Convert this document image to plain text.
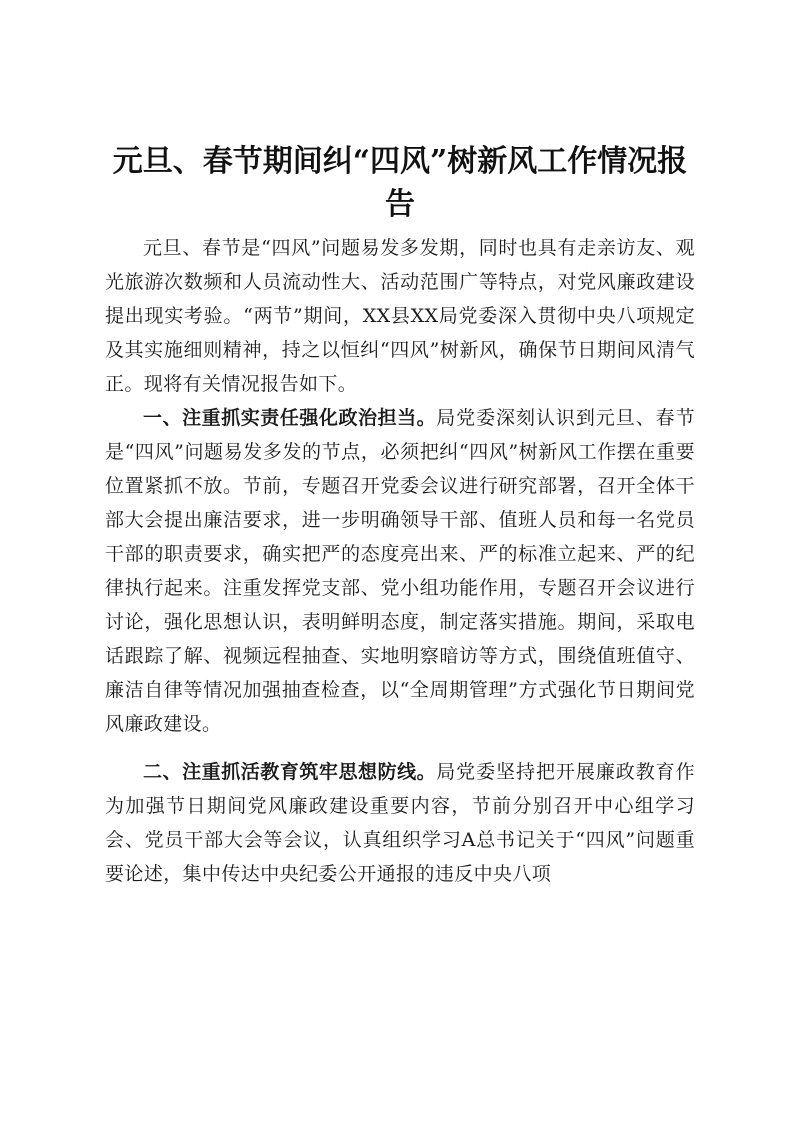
元旦、春节期间纠“四风”树新风工作情况报告

元旦、春节是“四风”问题易发多发期，同时也具有走亲访友、观光旅游次数频和人员流动性大、活动范围广等特点，对党风廉政建设提出现实考验。“两节”期间，XX县XX局党委深入贯彻中央八项规定及其实施细则精神，持之以恒纠“四风”树新风，确保节日期间风清气正。现将有关情况报告如下。

一、注重抓实责任强化政治担当。局党委深刻认识到元旦、春节是“四风”问题易发多发的节点，必须把纠“四风”树新风工作摆在重要位置紧抓不放。节前，专题召开党委会议进行研究部署，召开全体干部大会提出廉洁要求，进一步明确领导干部、值班人员和每一名党员干部的职责要求，确实把严的态度亮出来、严的标准立起来、严的纪律执行起来。注重发挥党支部、党小组功能作用，专题召开会议进行讨论，强化思想认识，表明鲜明态度，制定落实措施。期间，采取电话跟踪了解、视频远程抽查、实地明察暗访等方式，围绕值班值守、廉洁自律等情况加强抽查检查，以“全周期管理”方式强化节日期间党风廉政建设。

二、注重抓活教育筑牢思想防线。局党委坚持把开展廉政教育作为加强节日期间党风廉政建设重要内容，节前分别召开中心组学习会、党员干部大会等会议，认真组织学习A总书记关于“四风”问题重要论述，集中传达中央纪委公开通报的违反中央八项
